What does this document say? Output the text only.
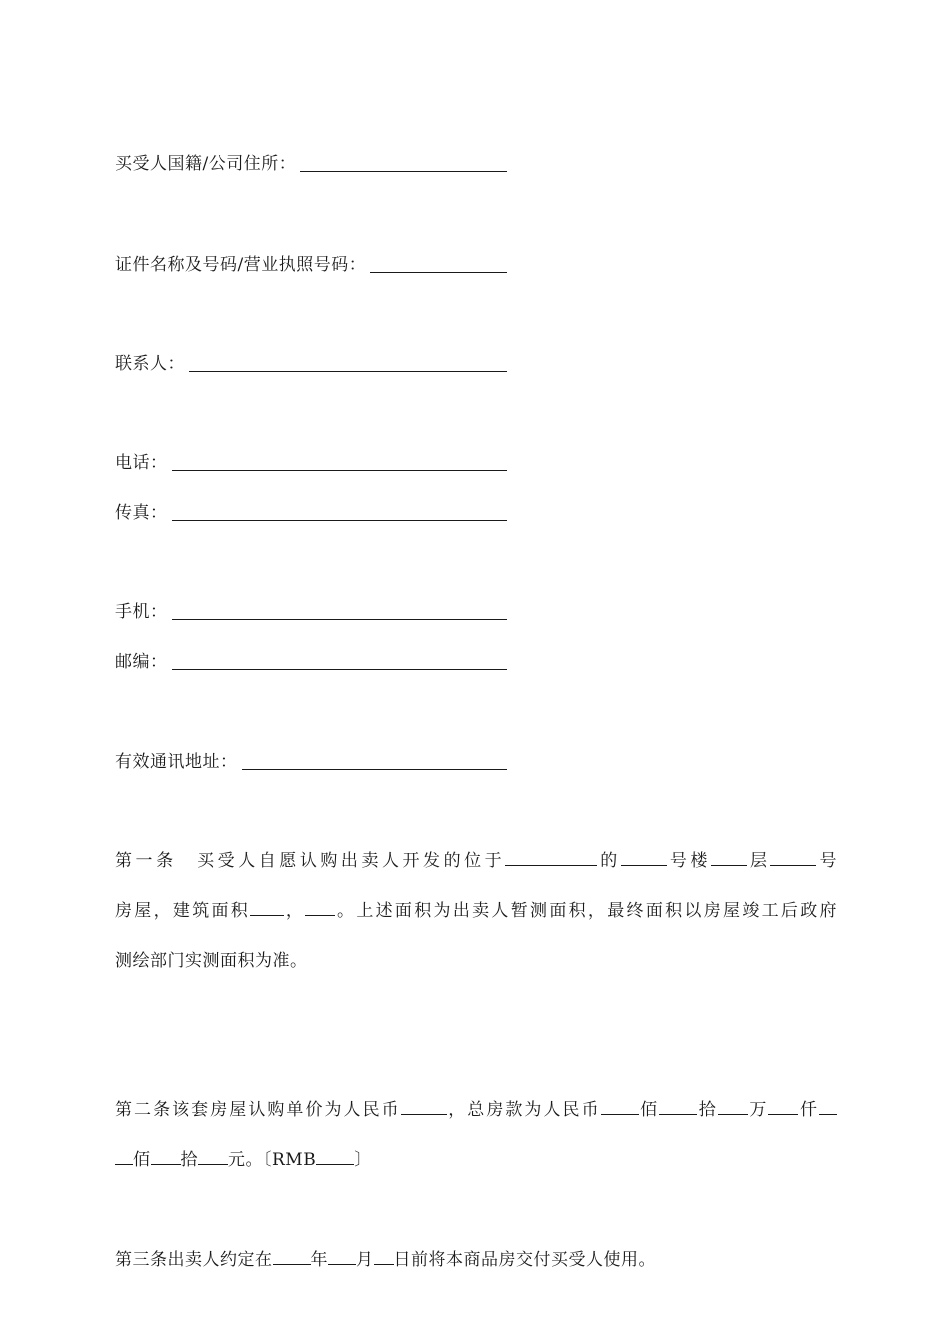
买受人国籍/公司住所：
证件名称及号码/营业执照号码：
联系人：
电话：
传真：
手机：
邮编：
有效通讯地址：
第一条　买受人自愿认购出卖人开发的位于	的	号楼 层	号
房屋，建筑面积 ， 。上述面积为出卖人暂测面积，最终面积以房屋竣工后政府
测绘部门实测面积为准。
第二条该套房屋认购单价为人民币	，总房款为人民币 佰 拾 万 仟
佰 拾 元。〔RMB 〕
第三条出卖人约定在 年 月 日前将本商品房交付买受人使用。
